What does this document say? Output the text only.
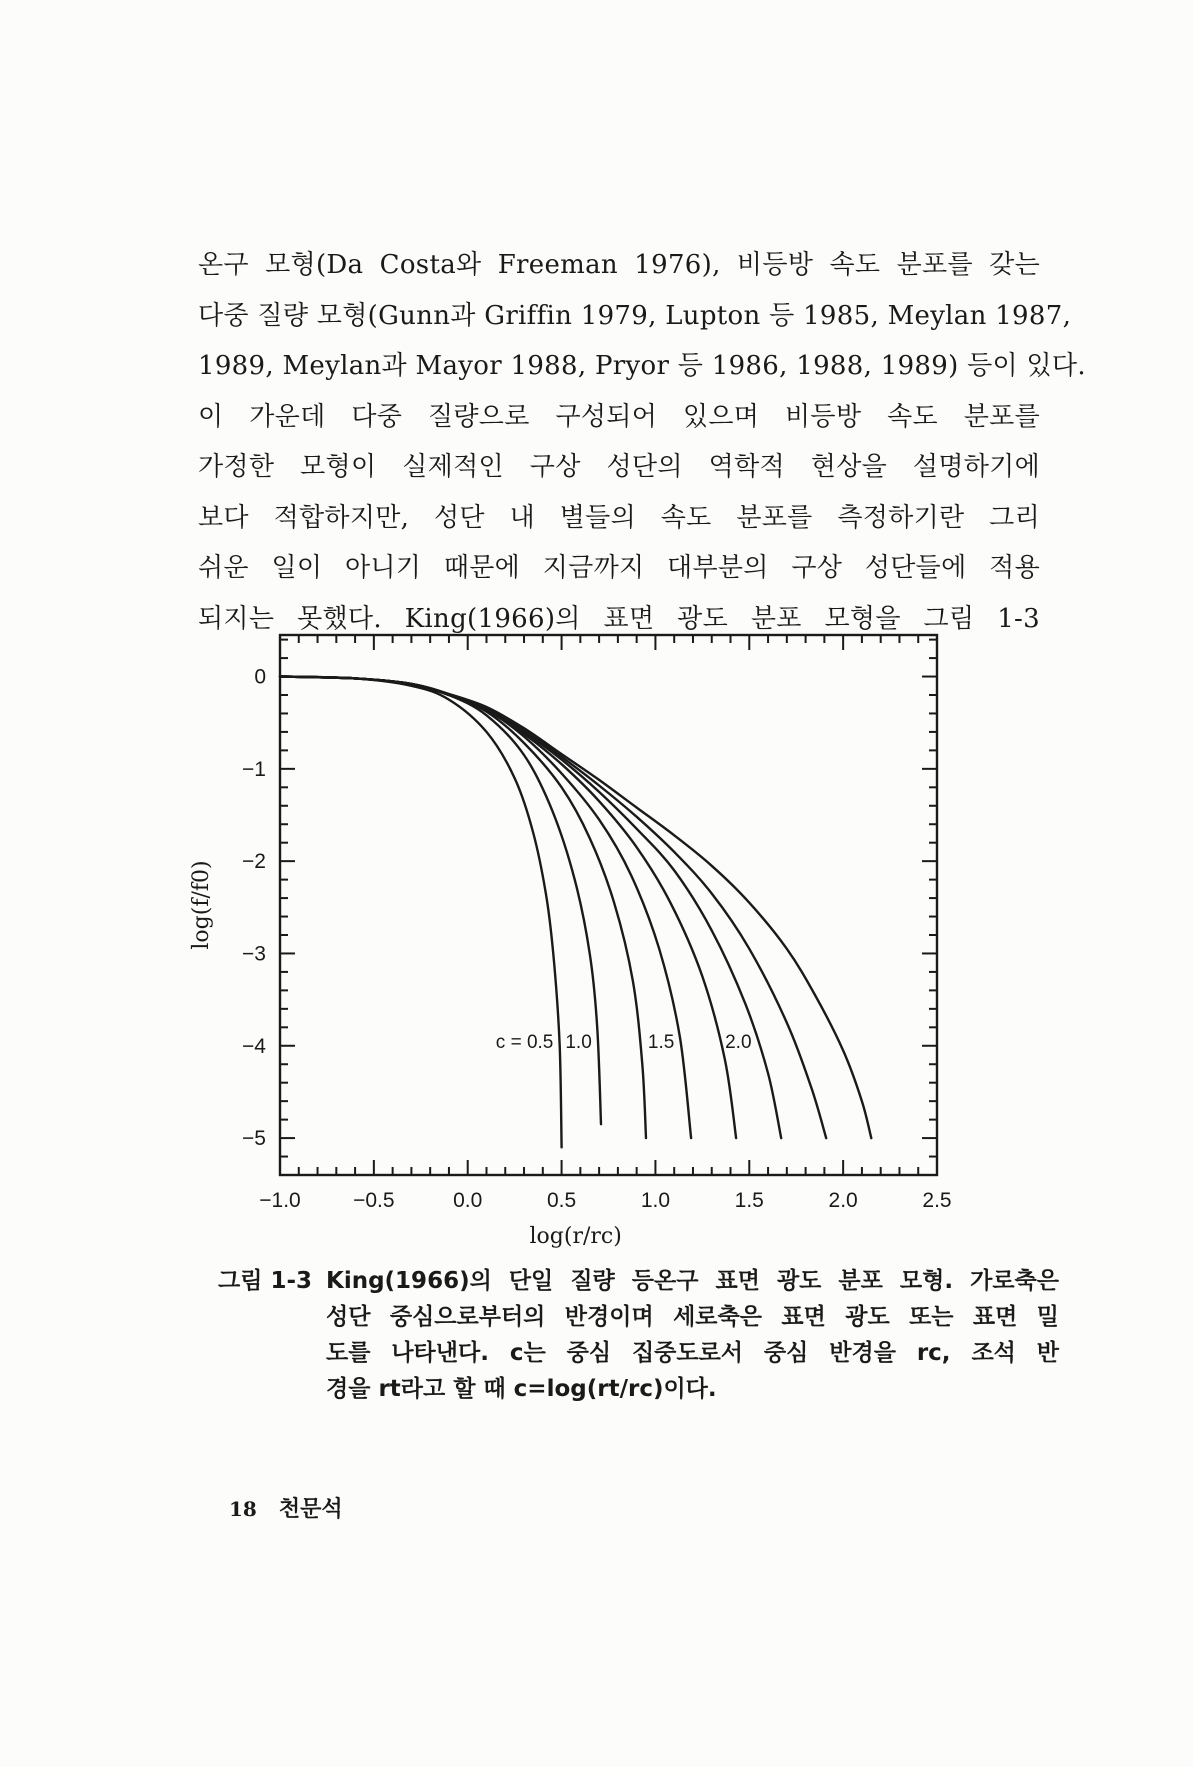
온구 모형(Da Costa와 Freeman 1976), 비등방 속도 분포를 갖는
다중 질량 모형(Gunn과 Griffin 1979, Lupton 등 1985, Meylan 1987,
1989, Meylan과 Mayor 1988, Pryor 등 1986, 1988, 1989) 등이 있다.
이 가운데 다중 질량으로 구성되어 있으며 비등방 속도 분포를
가정한 모형이 실제적인 구상 성단의 역학적 현상을 설명하기에
보다 적합하지만, 성단 내 별들의 속도 분포를 측정하기란 그리
쉬운 일이 아니기 때문에 지금까지 대부분의 구상 성단들에 적용
되지는 못했다. King(1966)의 표면 광도 분포 모형을 그림 1-3
−1.0 −0.5	0.0	0.5	1.0	1.5	2.0	2.5
0
−1
−2
−3
−4
−5
c = 0.5 1.0	1.5	2.0
log(r/rc)
log(f/f0)
그림 1-3 King(1966)의 단일 질량 등온구 표면 광도 분포 모형. 가로축은
성단 중심으로부터의 반경이며 세로축은 표면 광도 또는 표면 밀
도를 나타낸다. c는 중심 집중도로서 중심 반경을 rc, 조석 반
경을 rt라고 할 때 c=log(rt/rc)이다.
18 천문석
